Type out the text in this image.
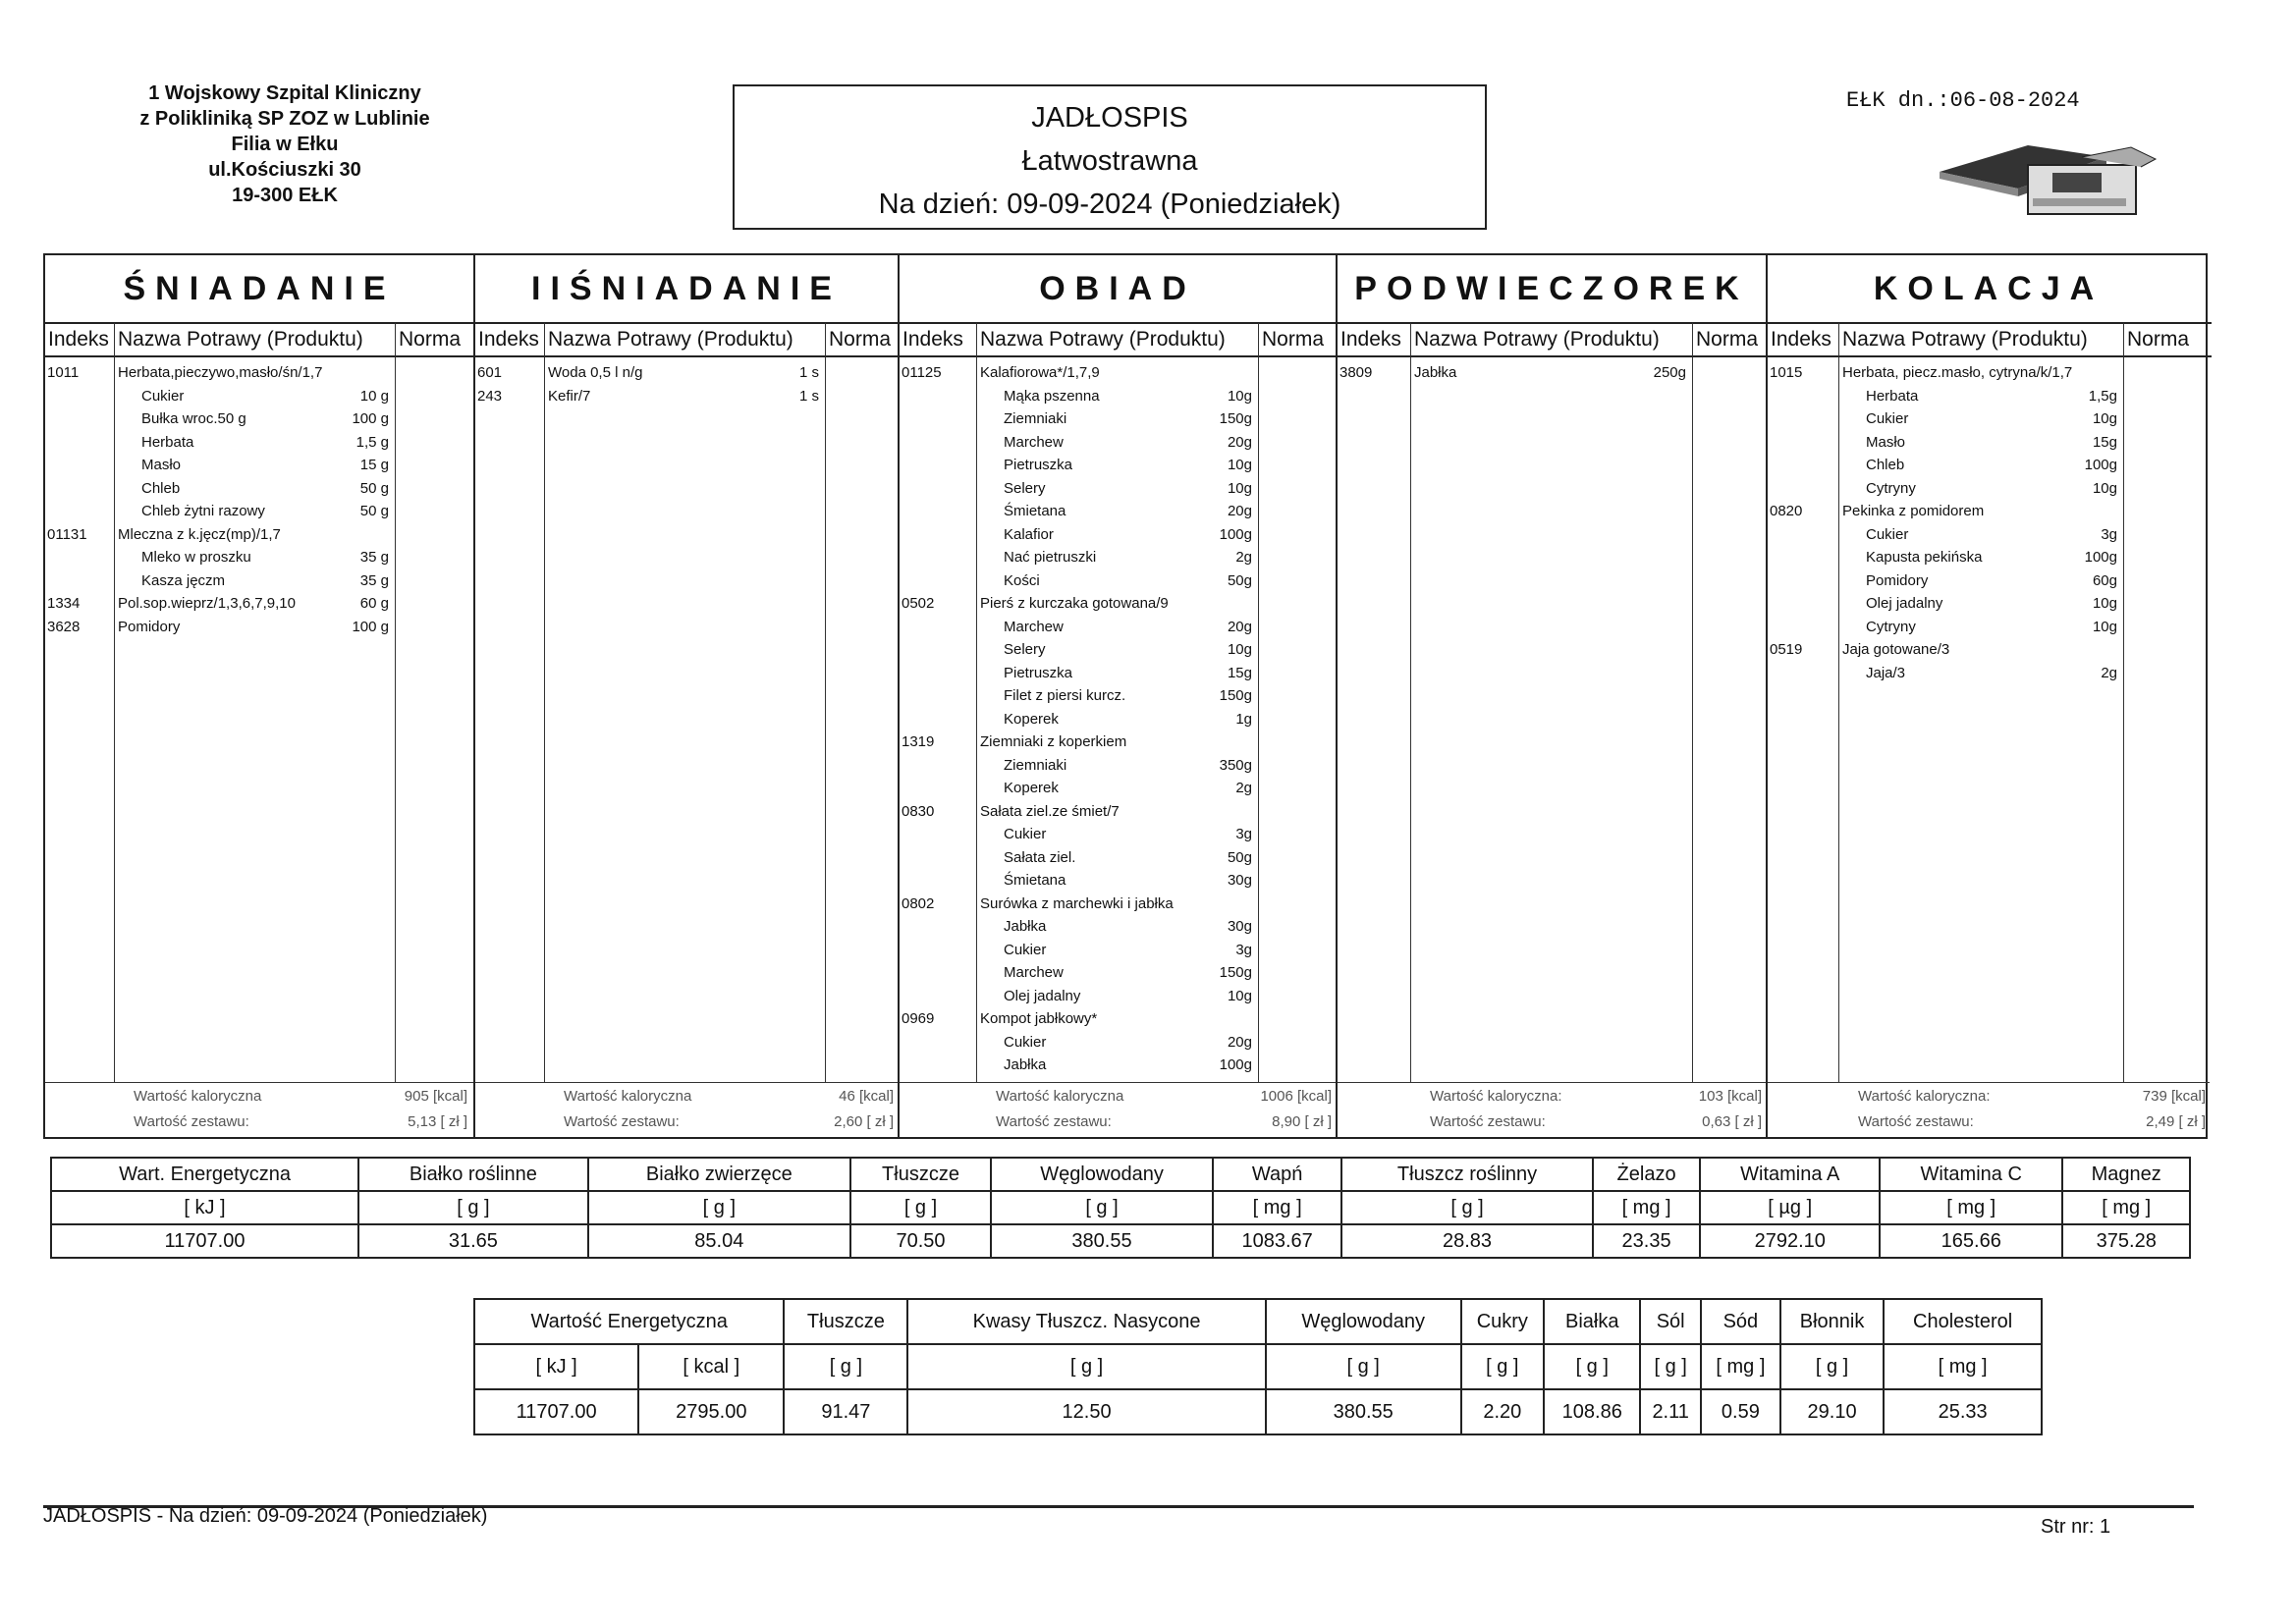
1 Wojskowy Szpital Kliniczny
z Polikliniką SP ZOZ w Lublinie
Filia w Ełku
ul.Kościuszki 30
19-300 EŁK
JADŁOSPIS
Łatwostrawna
Na dzień: 09-09-2024 (Poniedziałek)
EŁK dn.:06-08-2024
ŚNIADANIE
Indeks Nazwa Potrawy (Produktu)	Norma
1011	Herbata,pieczywo,masło/śn/1,7
Cukier	10 g
Bułka wroc.50 g	100 g
Herbata	1,5 g
Masło	15 g
Chleb	50 g
Chleb żytni razowy	50 g
01131 Mleczna z k.jęcz(mp)/1,7
Mleko w proszku	35 g
Kasza jęczm	35 g
1334	Pol.sop.wieprz/1,3,6,7,9,10	60 g
3628	Pomidory	100 g
Wartość kaloryczna	905 [kcal]
Wartość zestawu:	5,13 [ zł ]
IIŚNIADANIE
Indeks Nazwa Potrawy (Produktu)	Norma
601	Woda 0,5 l n/g	1 s
243	Kefir/7	1 s
Wartość kaloryczna	46 [kcal]
Wartość zestawu:	2,60 [ zł ]
OBIAD
Indeks Nazwa Potrawy (Produktu)	Norma
01125	Kalafiorowa*/1,7,9
Mąka pszenna	10g
Ziemniaki	150g
Marchew	20g
Pietruszka	10g
Selery	10g
Śmietana	20g
Kalafior	100g
Nać pietruszki	2g
Kości	50g
0502	Pierś z kurczaka gotowana/9
Marchew	20g
Selery	10g
Pietruszka	15g
Filet z piersi kurcz.	150g
Koperek	1g
1319	Ziemniaki z koperkiem
Ziemniaki	350g
Koperek	2g
0830	Sałata ziel.ze śmiet/7
Cukier	3g
Sałata ziel.	50g
Śmietana	30g
0802	Surówka z marchewki i jabłka
Jabłka	30g
Cukier	3g
Marchew	150g
Olej jadalny	10g
0969	Kompot jabłkowy*
Cukier	20g
Jabłka	100g
Wartość kaloryczna	1006 [kcal]
Wartość zestawu:	8,90 [ zł ]
PODWIECZOREK
Indeks Nazwa Potrawy (Produktu)	Norma
3809	Jabłka	250g
Wartość kaloryczna:	103 [kcal]
Wartość zestawu:	0,63 [ zł ]
KOLACJA
Indeks Nazwa Potrawy (Produktu)	Norma
1015	Herbata, piecz.masło, cytryna/k/1,7
Herbata	1,5g
Cukier	10g
Masło	15g
Chleb	100g
Cytryny	10g
0820	Pekinka z pomidorem
Cukier	3g
Kapusta pekińska	100g
Pomidory	60g
Olej jadalny	10g
Cytryny	10g
0519	Jaja gotowane/3
Jaja/3	2g
Wartość kaloryczna:	739 [kcal]
Wartość zestawu:	2,49 [ zł ]
Wart. Energetyczna	Białko roślinne	Białko zwierzęce	Tłuszcze	Węglowodany	Wapń	Tłuszcz roślinny	Żelazo	Witamina A	Witamina C	Magnez
[ kJ ]	[ g ]	[ g ]	[ g ]	[ g ]	[ mg ]	[ g ]	[ mg ]	[ µg ]	[ mg ]	[ mg ]
11707.00	31.65	85.04	70.50	380.55	1083.67	28.83	23.35	2792.10	165.66	375.28
Wartość Energetyczna		Tłuszcze	Kwasy Tłuszcz. Nasycone	Węglowodany	Cukry	Białka	Sól	Sód	Błonnik	Cholesterol
[ kJ ]	[ kcal ]	[ g ]	[ g ]	[ g ]	[ g ]	[ g ]	[ g ]	[ mg ]	[ g ]	[ mg ]
11707.00	2795.00	91.47	12.50	380.55	2.20	108.86	2.11	0.59	29.10	25.33
JADŁOSPIS - Na dzień: 09-09-2024 (Poniedziałek)	Str nr: 1
